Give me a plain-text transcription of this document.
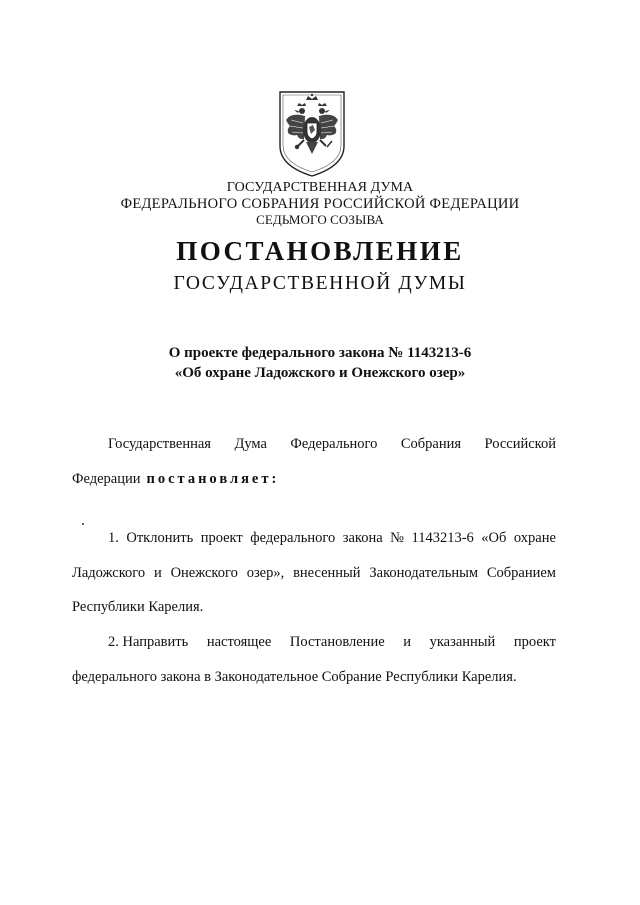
ГОСУДАРСТВЕННАЯ ДУМА
ФЕДЕРАЛЬНОГО СОБРАНИЯ РОССИЙСКОЙ ФЕДЕРАЦИИ
СЕДЬМОГО СОЗЫВА
ПОСТАНОВЛЕНИЕ
ГОСУДАРСТВЕННОЙ ДУМЫ
О проекте федерального закона № 1143213-6
«Об охране Ладожского и Онежского озер»
Государственная Дума Федерального Собрания Российской
Федерации постановляет:
1. Отклонить проект федерального закона № 1143213-6 «Об охране
Ладожского и Онежского озер», внесенный Законодательным Собранием
Республики Карелия.
2. Направить настоящее Постановление и указанный проект
федерального закона в Законодательное Собрание Республики Карелия.
